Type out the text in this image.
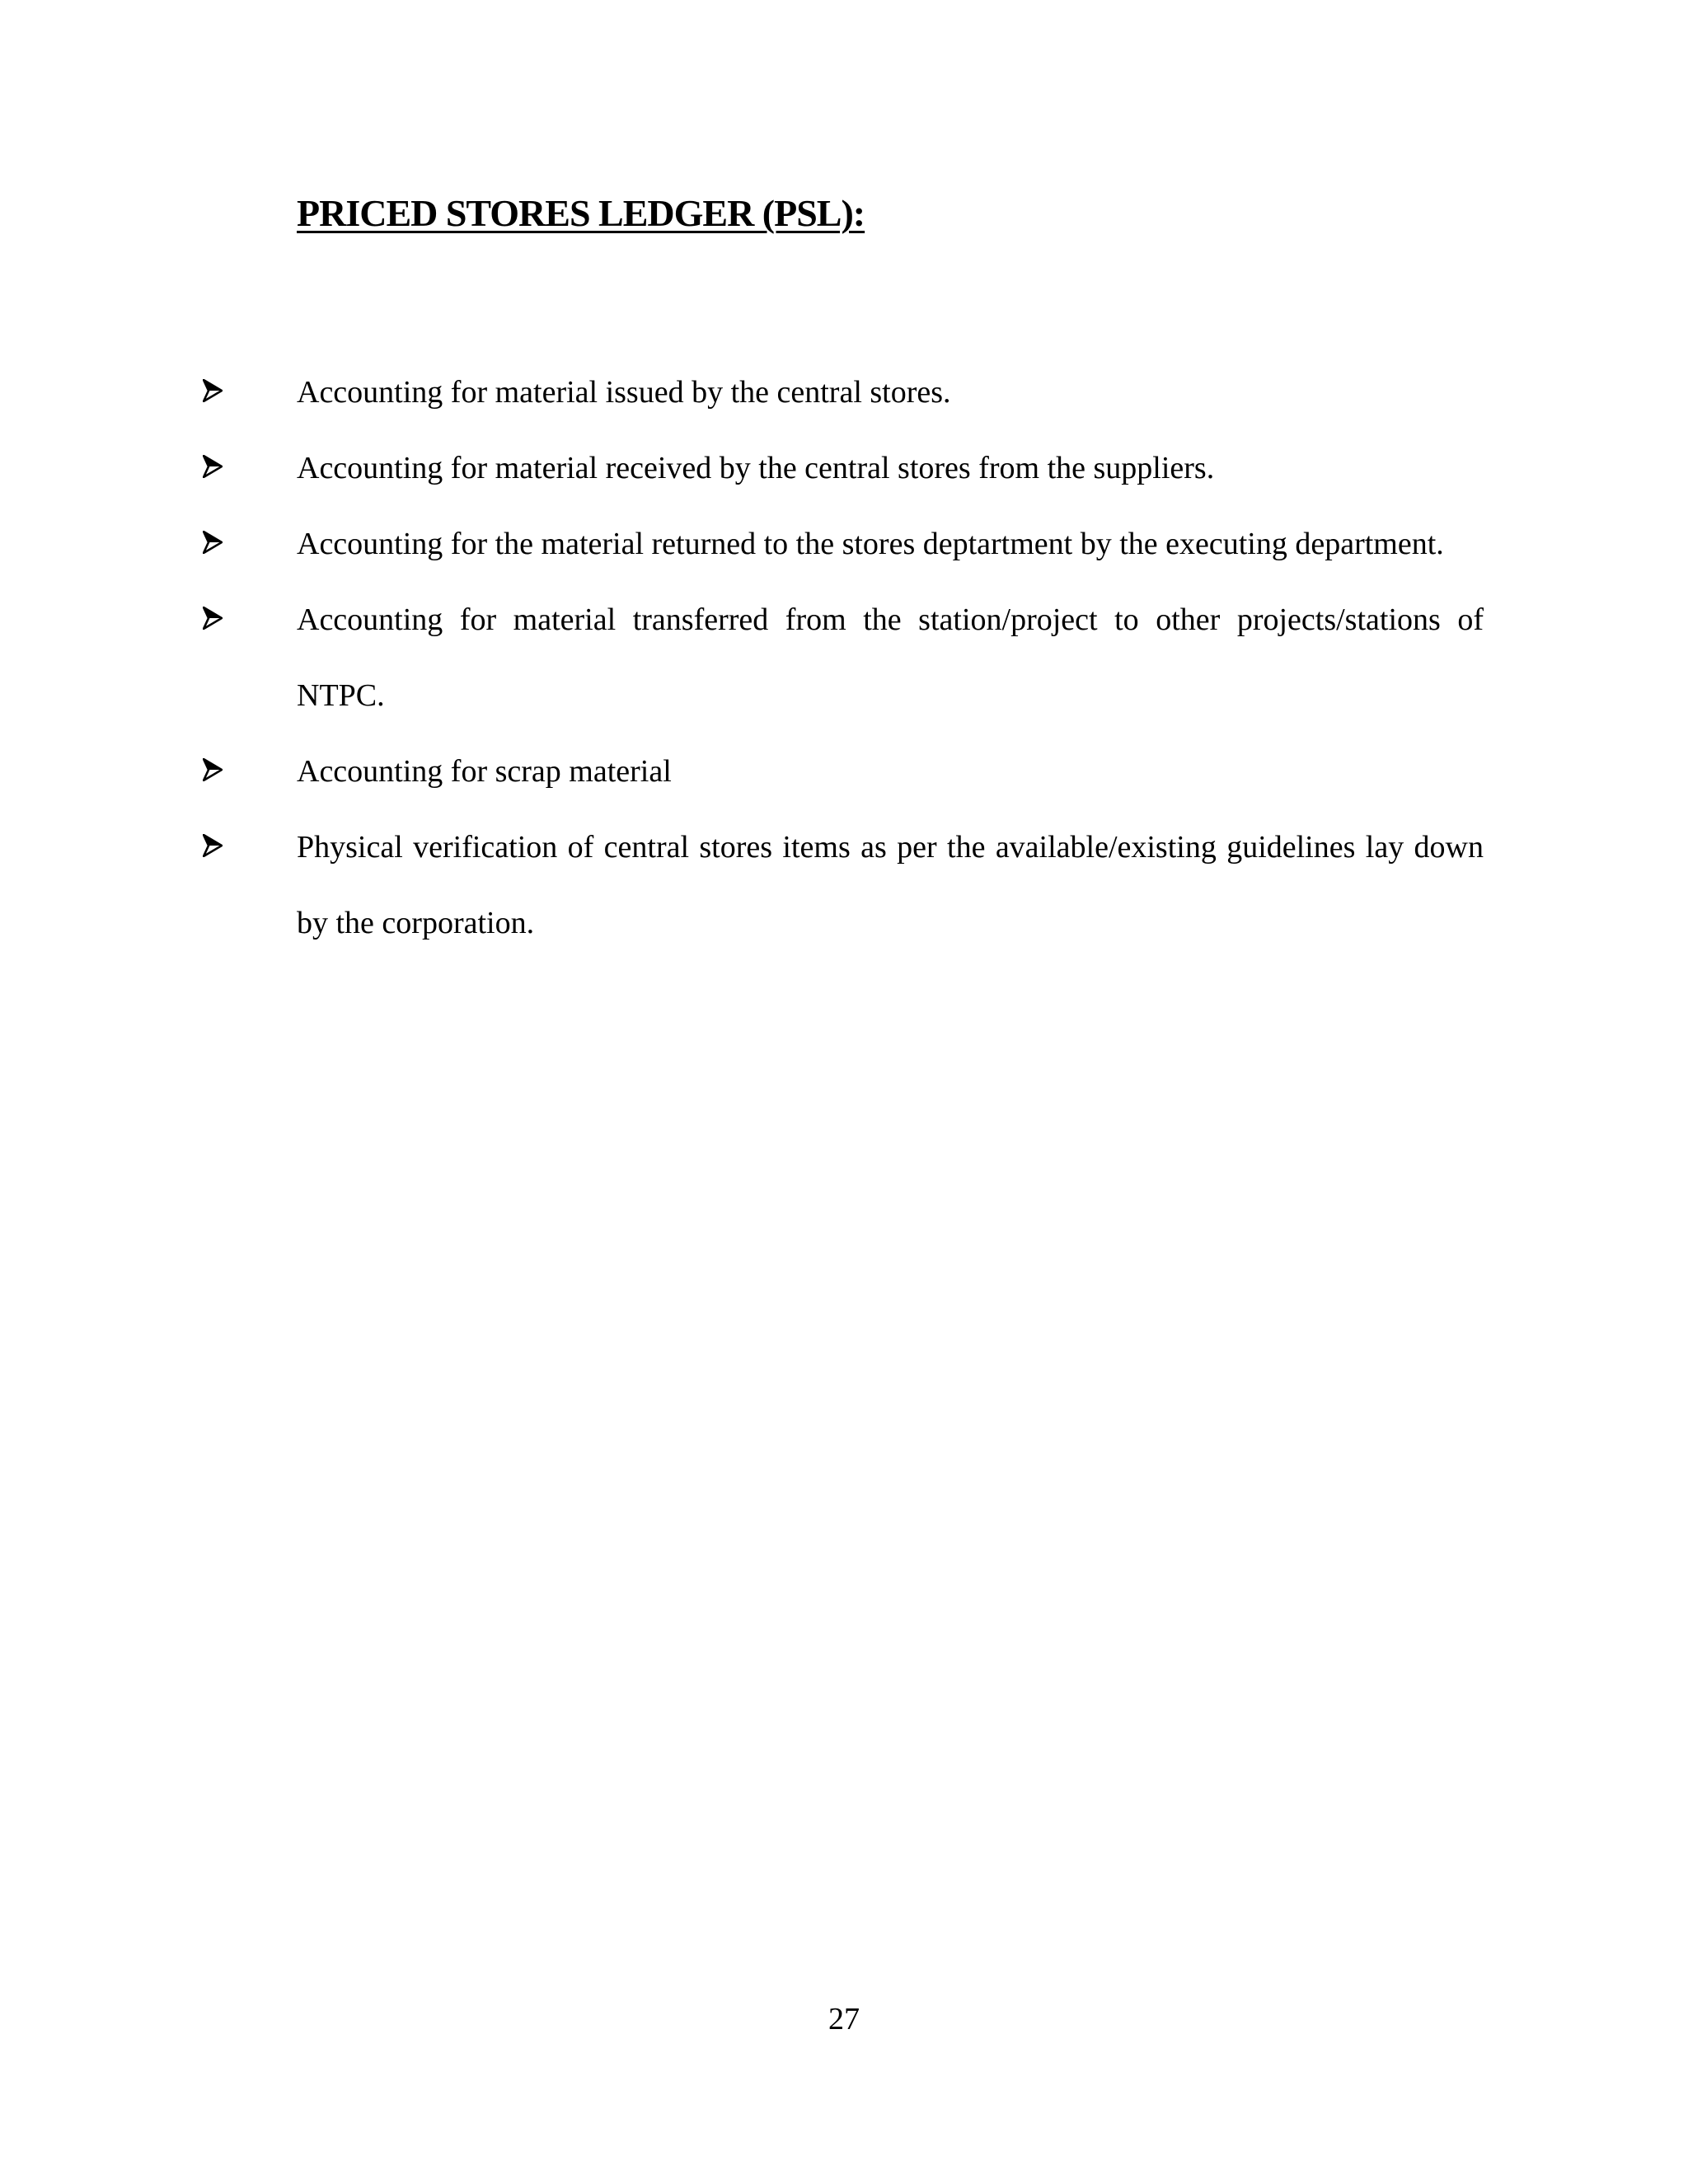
PRICED STORES LEDGER (PSL):
Accounting for material issued by the central stores.
Accounting for material received by the central stores from the suppliers.
Accounting for the material returned to the stores deptartment by the executing department.
Accounting for material transferred from the station/project to other projects/stations of NTPC.
Accounting for scrap material
Physical verification of central stores items as per the available/existing guidelines lay down by the corporation.
27
